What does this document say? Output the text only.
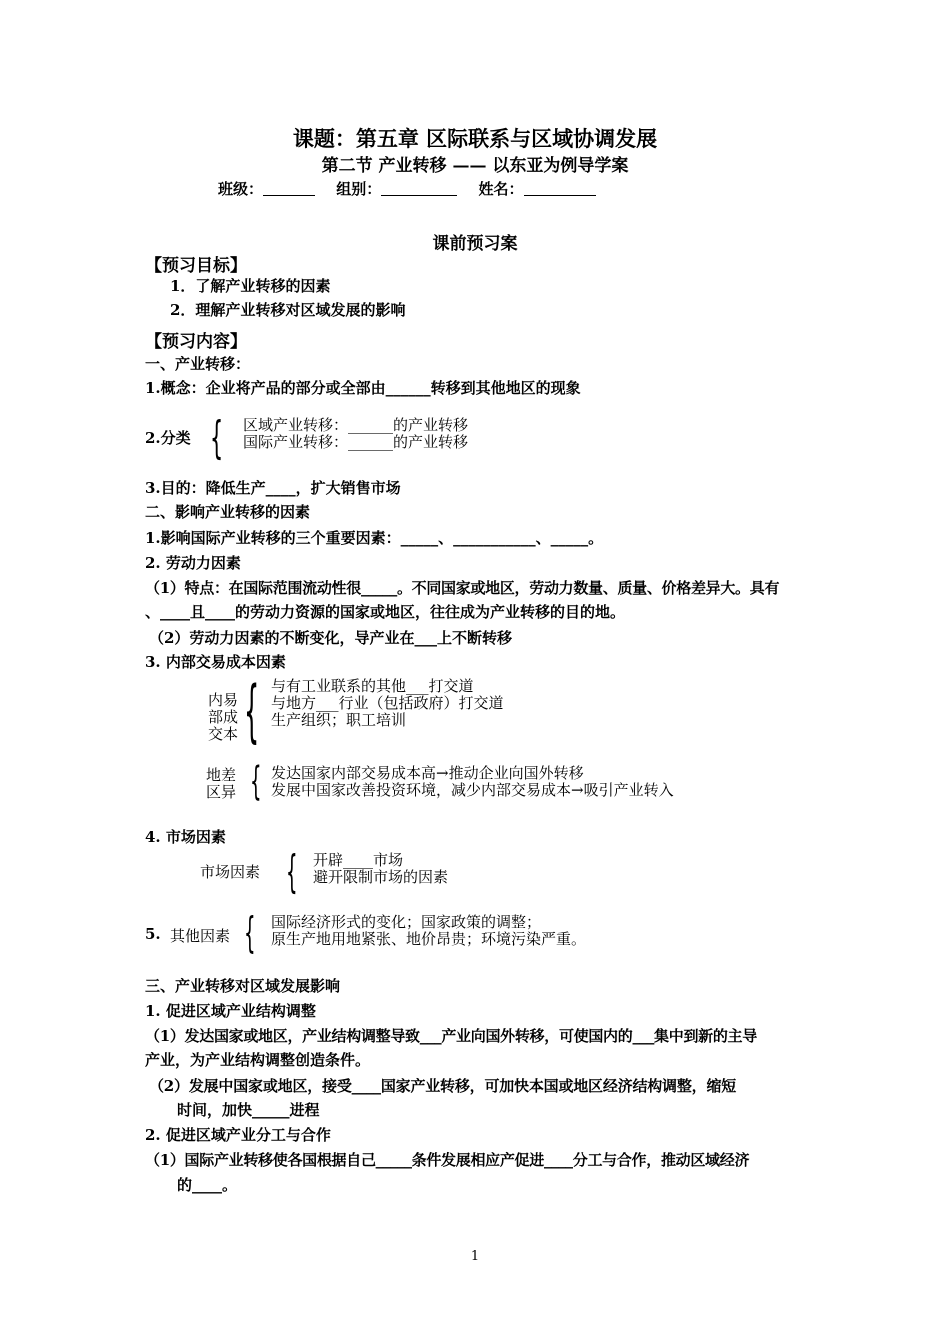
课题：第五章 区际联系与区域协调发展
第二节 产业转移 —— 以东亚为例导学案
班级：	组别：	姓名：
课前预习案
【预习目标】
1．了解产业转移的因素
2．理解产业转移对区域发展的影响
【预习内容】
一、产业转移：
1.概念：企业将产品的部分或全部由______转移到其他地区的现象
2.分类 { 区域产业转移：______的产业转移
国际产业转移：______的产业转移
3.目的：降低生产____，扩大销售市场
二、影响产业转移的因素
1.影响国际产业转移的三个重要因素：_____、___________、_____。
2. 劳动力因素
（1）特点：在国际范围流动性很_____。不同国家或地区，劳动力数量、质量、价格差异大。具有
、____且____的劳动力资源的国家或地区，往往成为产业转移的目的地。
（2）劳动力因素的不断变化，导产业在___上不断转移
3. 内部交易成本因素
内易
部成
交本 { 与有工业联系的其他___打交道
与地方___行业（包括政府）打交道
生产组织；职工培训
地差
区异 { 发达国家内部交易成本高→推动企业向国外转移
发展中国家改善投资环境，减少内部交易成本→吸引产业转入
4. 市场因素
市场因素 { 开辟____市场
避开限制市场的因素
5. 其他因素 { 国际经济形式的变化；国家政策的调整；
原生产地用地紧张、地价昂贵；环境污染严重。
三、产业转移对区域发展影响
1. 促进区域产业结构调整
（1）发达国家或地区，产业结构调整导致___产业向国外转移，可使国内的___集中到新的主导
产业，为产业结构调整创造条件。
（2）发展中国家或地区，接受____国家产业转移，可加快本国或地区经济结构调整，缩短
时间，加快_____进程
2. 促进区域产业分工与合作
（1）国际产业转移使各国根据自己_____条件发展相应产促进____分工与合作，推动区域经济
的____。
1
